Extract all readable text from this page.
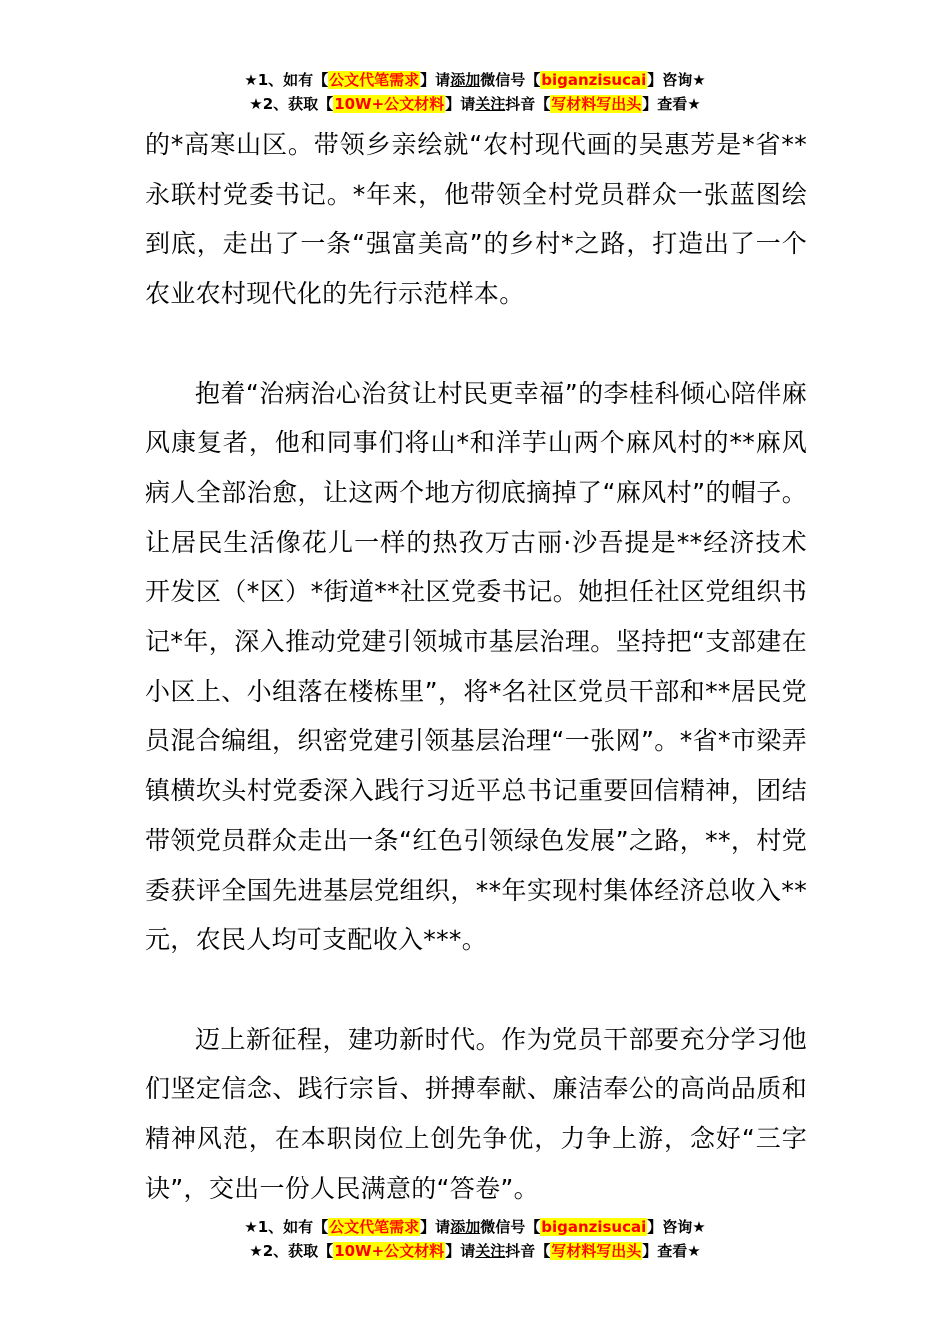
★1、如有【公文代笔需求】请添加微信号【biganzisucai】咨询★
★2、获取【10W+公文材料】请关注抖音【写材料写出头】查看★

的*高寒山区。带领乡亲绘就“农村现代画的吴惠芳是*省**永联村党委书记。*年来，他带领全村党员群众一张蓝图绘到底，走出了一条“强富美高”的乡村*之路，打造出了一个农业农村现代化的先行示范样本。

抱着“治病治心治贫让村民更幸福”的李桂科倾心陪伴麻风康复者，他和同事们将山*和洋芋山两个麻风村的**麻风病人全部治愈，让这两个地方彻底摘掉了“麻风村”的帽子。让居民生活像花儿一样的热孜万古丽·沙吾提是**经济技术开发区（*区）*街道**社区党委书记。她担任社区党组织书记*年，深入推动党建引领城市基层治理。坚持把“支部建在小区上、小组落在楼栋里”，将*名社区党员干部和**居民党员混合编组，织密党建引领基层治理“一张网”。*省*市梁弄镇横坎头村党委深入践行习近平总书记重要回信精神，团结带领党员群众走出一条“红色引领绿色发展”之路，**，村党委获评全国先进基层党组织，**年实现村集体经济总收入**元，农民人均可支配收入***。

迈上新征程，建功新时代。作为党员干部要充分学习他们坚定信念、践行宗旨、拼搏奉献、廉洁奉公的高尚品质和精神风范，在本职岗位上创先争优，力争上游，念好“三字诀”，交出一份人民满意的“答卷”。

★1、如有【公文代笔需求】请添加微信号【biganzisucai】咨询★
★2、获取【10W+公文材料】请关注抖音【写材料写出头】查看★
